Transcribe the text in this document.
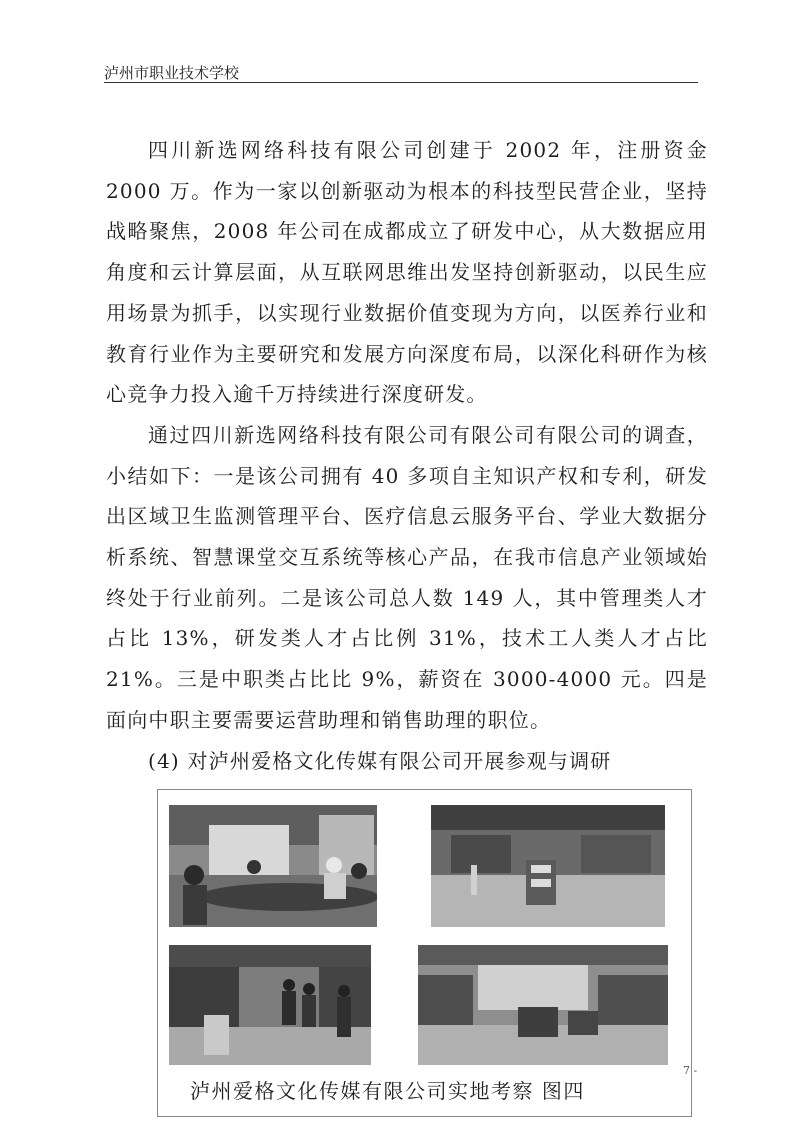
泸州市职业技术学校

四川新选网络科技有限公司创建于 2002 年，注册资金 2000 万。作为一家以创新驱动为根本的科技型民营企业，坚持战略聚焦，2008 年公司在成都成立了研发中心，从大数据应用角度和云计算层面，从互联网思维出发坚持创新驱动，以民生应用场景为抓手，以实现行业数据价值变现为方向，以医养行业和教育行业作为主要研究和发展方向深度布局，以深化科研作为核心竞争力投入逾千万持续进行深度研发。

通过四川新选网络科技有限公司有限公司有限公司的调查，小结如下：一是该公司拥有 40 多项自主知识产权和专利，研发出区域卫生监测管理平台、医疗信息云服务平台、学业大数据分析系统、智慧课堂交互系统等核心产品，在我市信息产业领域始终处于行业前列。二是该公司总人数 149 人，其中管理类人才占比 13%，研发类人才占比例 31%，技术工人类人才占比 21%。三是中职类占比比 9%，薪资在 3000-4000 元。四是面向中职主要需要运营助理和销售助理的职位。

(4) 对泸州爱格文化传媒有限公司开展参观与调研

7 -
泸州爱格文化传媒有限公司实地考察 图四
